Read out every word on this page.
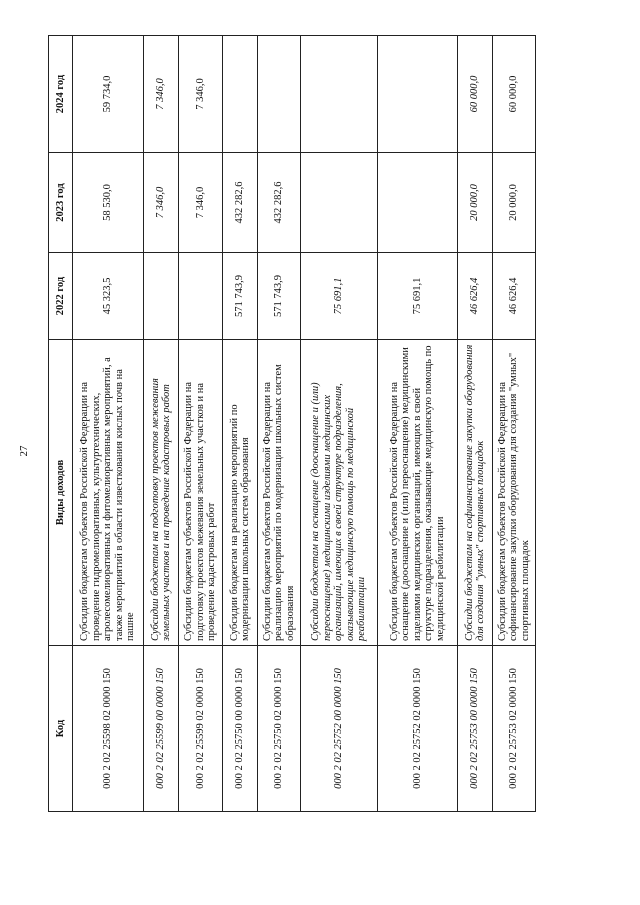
27
Код	Виды доходов	2022 год	2023 год	2024 год
000 2 02 25598 02 0000 150	Субсидии бюджетам субъектов Российской Федерации на проведение гидромелиоративных, культуртехнических, агролесомелиоративных и фитомелиоративных мероприятий, а также мероприятий в области известкования кислых почв на пашне	45 323,5	58 530,0	59 734,0
000 2 02 25599 00 0000 150	Субсидии бюджетам на подготовку проектов межевания земельных участков и на проведение кадастровых работ		7 346,0	7 346,0
000 2 02 25599 02 0000 150	Субсидии бюджетам субъектов Российской Федерации на подготовку проектов межевания земельных участков и на проведение кадастровых работ		7 346,0	7 346,0
000 2 02 25750 00 0000 150	Субсидии бюджетам на реализацию мероприятий по модернизации школьных систем образования	571 743,9	432 282,6	
000 2 02 25750 02 0000 150	Субсидии бюджетам субъектов Российской Федерации на реализацию мероприятий по модернизации школьных систем образования	571 743,9	432 282,6	
000 2 02 25752 00 0000 150	Субсидии бюджетам на оснащение (дооснащение и (или) переоснащение) медицинскими изделиями медицинских организаций, имеющих в своей структуре подразделения, оказывающие медицинскую помощь по медицинской реабилитации	75 691,1		
000 2 02 25752 02 0000 150	Субсидии бюджетам субъектов Российской Федерации на оснащение (дооснащение и (или) переоснащение) медицинскими изделиями медицинских организаций, имеющих в своей структуре подразделения, оказывающие медицинскую помощь по медицинской реабилитации	75 691,1		
000 2 02 25753 00 0000 150	Субсидии бюджетам на софинансирование закупки оборудования для создания "умных" спортивных площадок	46 626,4	20 000,0	60 000,0
000 2 02 25753 02 0000 150	Субсидии бюджетам субъектов Российской Федерации на софинансирование закупки оборудования для создания "умных" спортивных площадок	46 626,4	20 000,0	60 000,0
